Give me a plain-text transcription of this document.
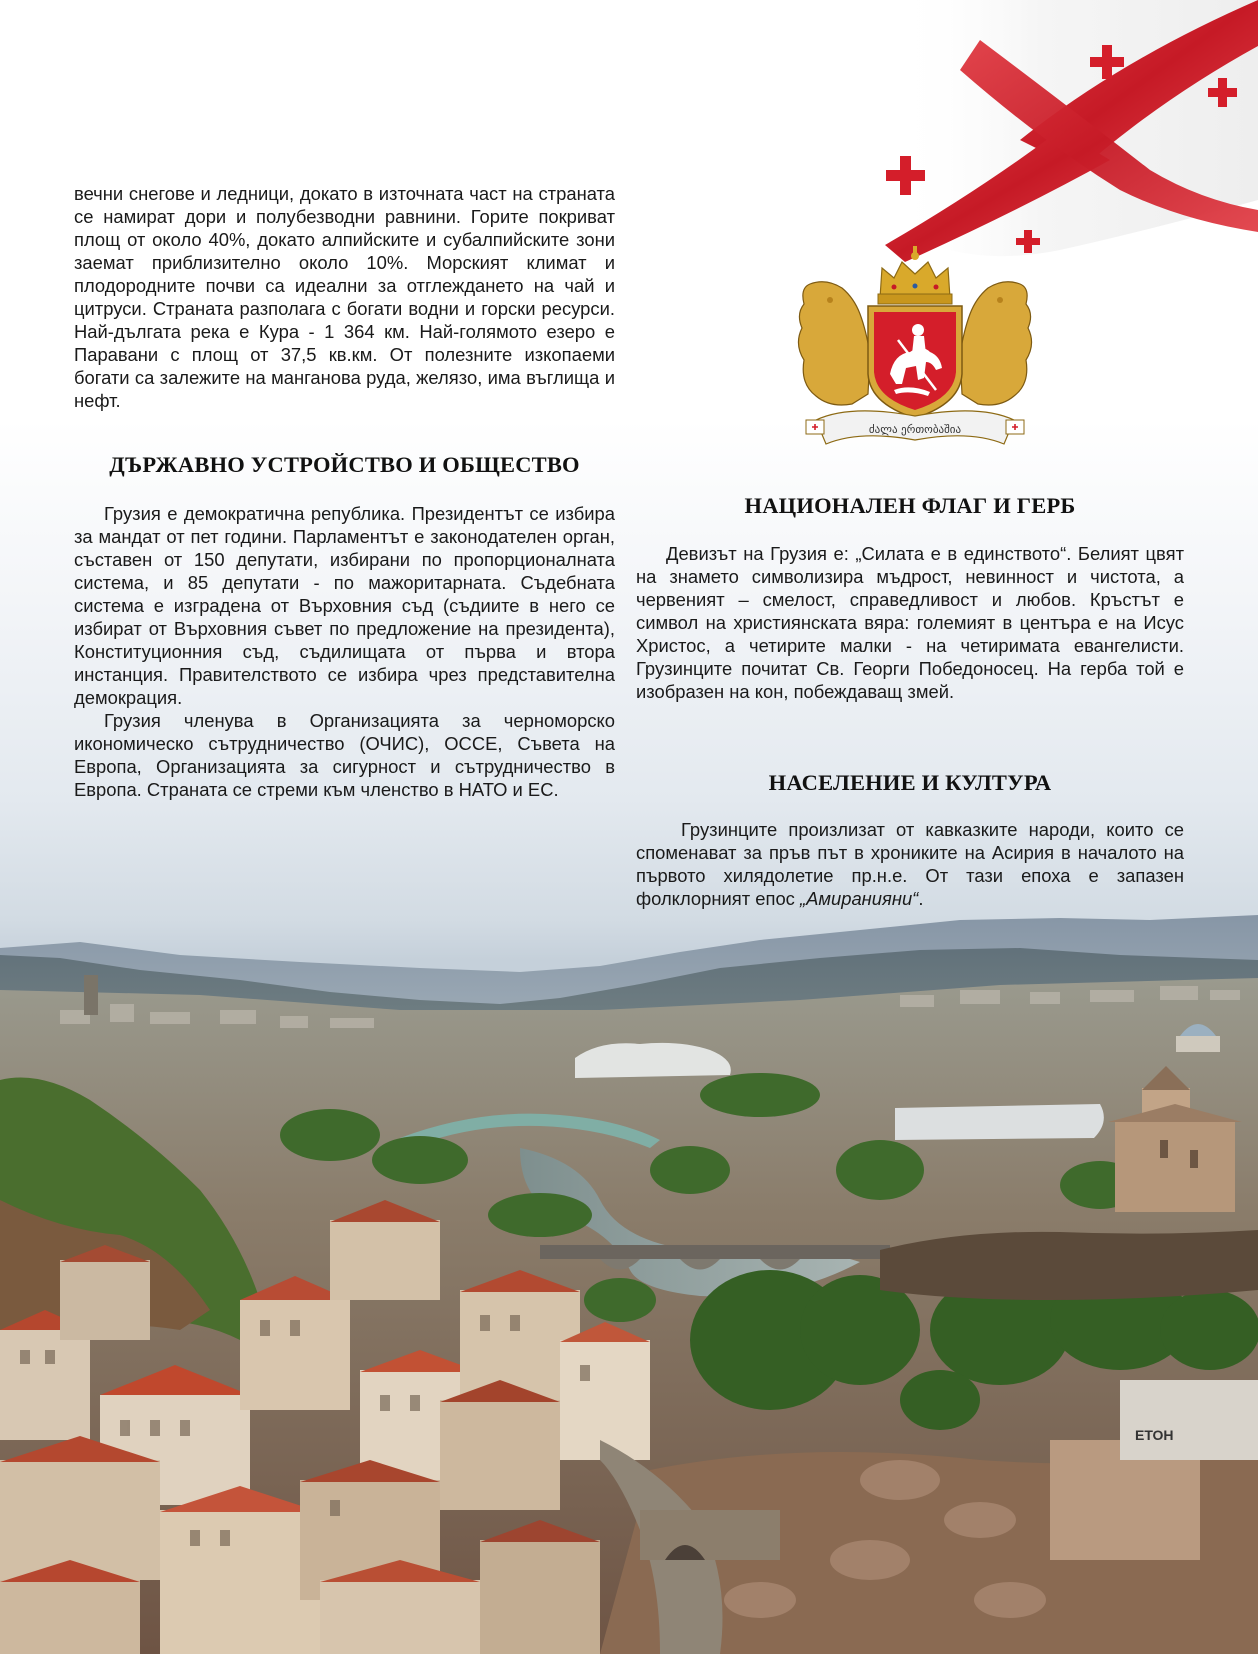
ЕТОН
ძალა ერთობაშია

вечни снегове и ледници, докато в източната част на страната се намират дори и полубезводни равнини. Горите покриват площ от около 40%, докато алпийските и субалпийските зони заемат приблизително около 10%. Морският климат и плодородните почви са идеални за отглеждането на чай и цитруси. Страната разполага с богати водни и горски ресурси. Най-дългата река е Кура - 1 364 км. Най-голямото езеро е Паравани с площ от 37,5 кв.км. От полезните изкопаеми богати са залежите на манганова руда, желязо, има въглища и нефт.

ДЪРЖАВНО УСТРОЙСТВО И ОБЩЕСТВО

Грузия е демократична република. Президентът се избира за мандат от пет години. Парламентът е законодателен орган, съставен от 150 депутати, избирани по пропорционалната система, и 85 депутати - по мажоритарната. Съдебната система е изградена от Върховния съд (съдиите в него се избират от Върховния съвет по предложение на президента), Конституционния съд, съдилищата от първа и втора инстанция. Правителството се избира чрез представителна демокрация.

Грузия членува в Организацията за черноморско икономическо сътрудничество (ОЧИС), ОССЕ, Съвета на Европа, Организацията за сигурност и сътрудничество в Европа. Страната се стреми към членство в НАТО и ЕС.

НАЦИОНАЛЕН ФЛАГ И ГЕРБ

Девизът на Грузия е: „Силата е в единството“. Белият цвят на знамето символизира мъдрост, невинност и чистота, а червеният – смелост, справедливост и любов. Кръстът е символ на християнската вяра: големият в центъра е на Исус Христос, а четирите малки - на четиримата евангелисти. Грузинците почитат Св. Георги Победоносец. На герба той е изобразен на кон, побеждаващ змей.

НАСЕЛЕНИЕ И КУЛТУРА

Грузинците произлизат от кавказките народи, които се споменават за пръв път в хрониките на Асирия в началото на първото хилядолетие пр.н.е. От тази епоха е запазен фолклорният епос „Амиранияни“.
